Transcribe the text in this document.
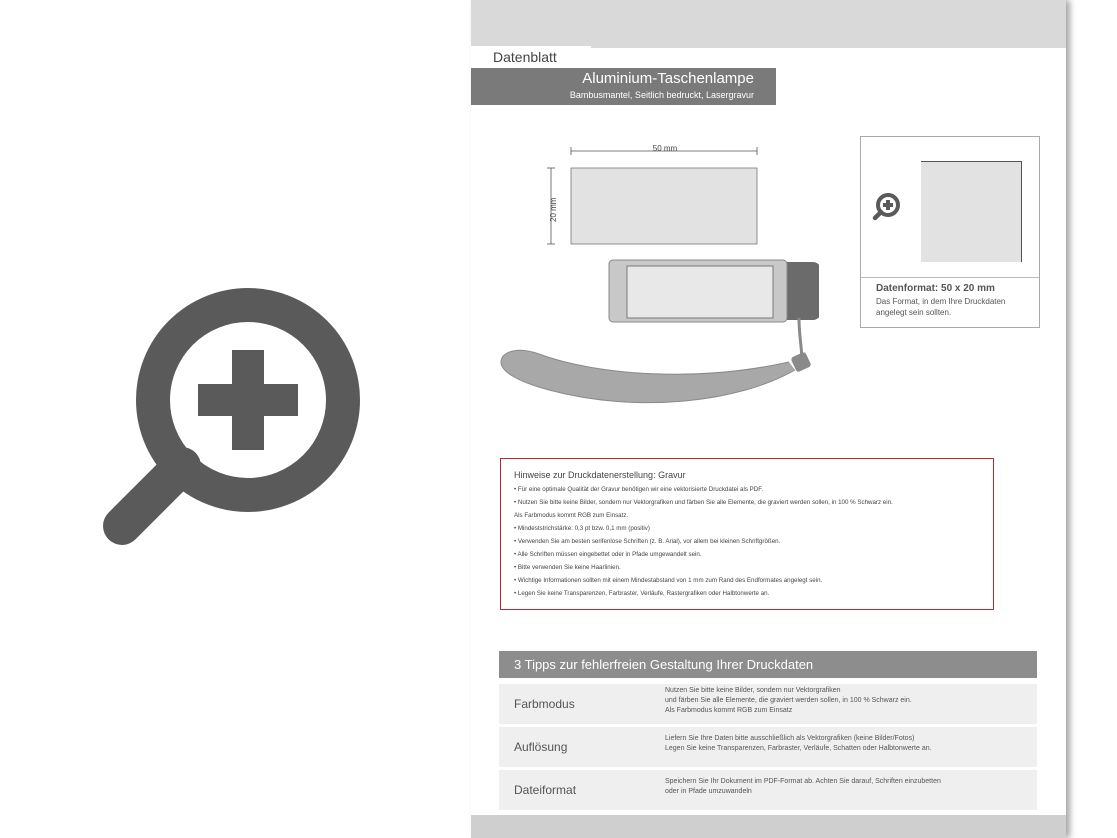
Datenblatt
Aluminium-Taschenlampe
Bambusmantel, Seitlich bedruckt, Lasergravur
50 mm
20 mm
Datenformat: 50 x 20 mm
Das Format, in dem Ihre Druckdaten angelegt sein sollten.
Hinweise zur Druckdatenerstellung: Gravur
• Für eine optimale Qualität der Gravur benötigen wir eine vektorisierte Druckdatei als PDF.
• Nutzen Sie bitte keine Bilder, sondern nur Vektorgrafiken und färben Sie alle Elemente, die graviert werden sollen, in 100 % Schwarz ein.
Als Farbmodus kommt RGB zum Einsatz.
• Mindeststrichstärke: 0,3 pt bzw. 0,1 mm (positiv)
• Verwenden Sie am besten serifenlose Schriften (z. B. Arial), vor allem bei kleinen Schriftgrößen.
• Alle Schriften müssen eingebettet oder in Pfade umgewandelt sein.
• Bitte verwenden Sie keine Haarlinien.
• Wichtige Informationen sollten mit einem Mindestabstand von 1 mm zum Rand des Endformates angelegt sein.
• Legen Sie keine Transparenzen, Farbraster, Verläufe, Rastergrafiken oder Halbtonwerte an.
3 Tipps zur fehlerfreien Gestaltung Ihrer Druckdaten
Farbmodus
Nutzen Sie bitte keine Bilder, sondern nur Vektorgrafiken
und färben Sie alle Elemente, die graviert werden sollen, in 100 % Schwarz ein.
Als Farbmodus kommt RGB zum Einsatz
Auflösung
Liefern Sie Ihre Daten bitte ausschließlich als Vektorgrafiken (keine Bilder/Fotos)
Legen Sie keine Transparenzen, Farbraster, Verläufe, Schatten oder Halbtonwerte an.
Dateiformat
Speichern Sie Ihr Dokument im PDF-Format ab. Achten Sie darauf, Schriften einzubetten
oder in Pfade umzuwandeln
